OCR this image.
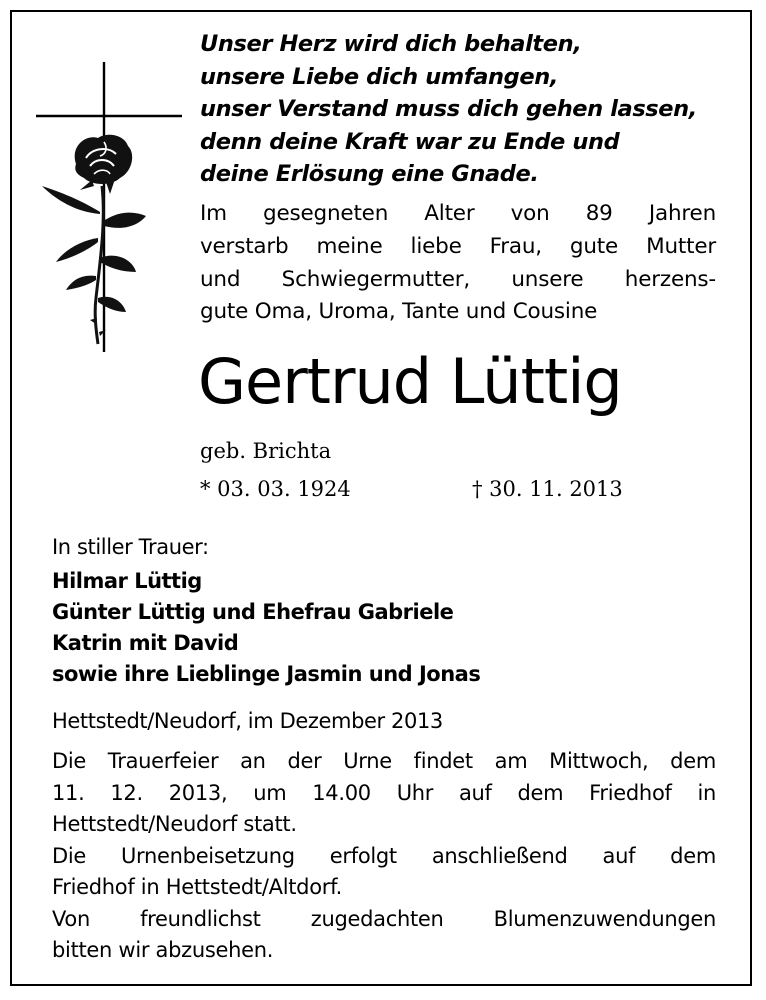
Unser Herz wird dich behalten,
unsere Liebe dich umfangen,
unser Verstand muss dich gehen lassen,
denn deine Kraft war zu Ende und
deine Erlösung eine Gnade.
Im gesegneten Alter von 89 Jahren
verstarb meine liebe Frau, gute Mutter
und Schwiegermutter, unsere herzens-
gute Oma, Uroma, Tante und Cousine
Gertrud Lüttig
geb. Brichta
* 03. 03. 1924	† 30. 11. 2013
In stiller Trauer:
Hilmar Lüttig
Günter Lüttig und Ehefrau Gabriele
Katrin mit David
sowie ihre Lieblinge Jasmin und Jonas
Hettstedt/Neudorf, im Dezember 2013
Die Trauerfeier an der Urne findet am Mittwoch, dem
11. 12. 2013, um 14.00 Uhr auf dem Friedhof in
Hettstedt/Neudorf statt.
Die Urnenbeisetzung erfolgt anschließend auf dem
Friedhof in Hettstedt/Altdorf.
Von freundlichst zugedachten Blumenzuwendungen
bitten wir abzusehen.
